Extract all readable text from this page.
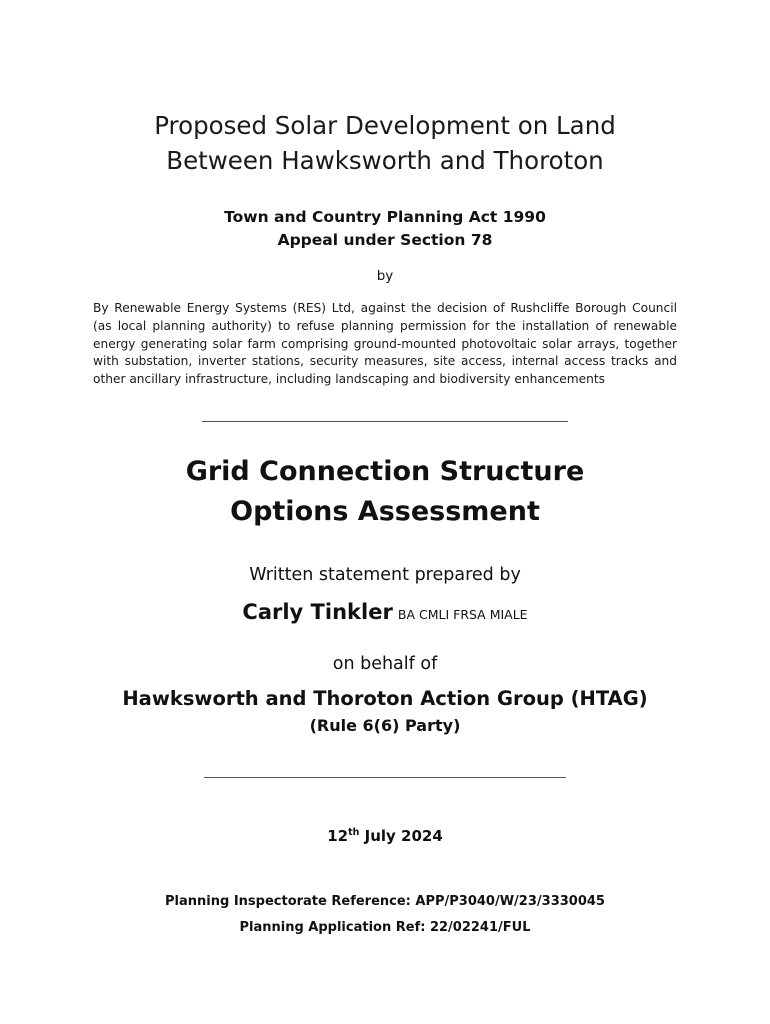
Proposed Solar Development on Land
Between Hawksworth and Thoroton
Town and Country Planning Act 1990
Appeal under Section 78
by
By Renewable Energy Systems (RES) Ltd, against the decision of Rushcliffe Borough Council (as local planning authority) to refuse planning permission for the installation of renewable energy generating solar farm comprising ground-mounted photovoltaic solar arrays, together with substation, inverter stations, security measures, site access, internal access tracks and other ancillary infrastructure, including landscaping and biodiversity enhancements
Grid Connection Structure
Options Assessment
Written statement prepared by
Carly Tinkler BA CMLI FRSA MIALE
on behalf of
Hawksworth and Thoroton Action Group (HTAG)
(Rule 6(6) Party)
12th July 2024
Planning Inspectorate Reference: APP/P3040/W/23/3330045
Planning Application Ref: 22/02241/FUL
